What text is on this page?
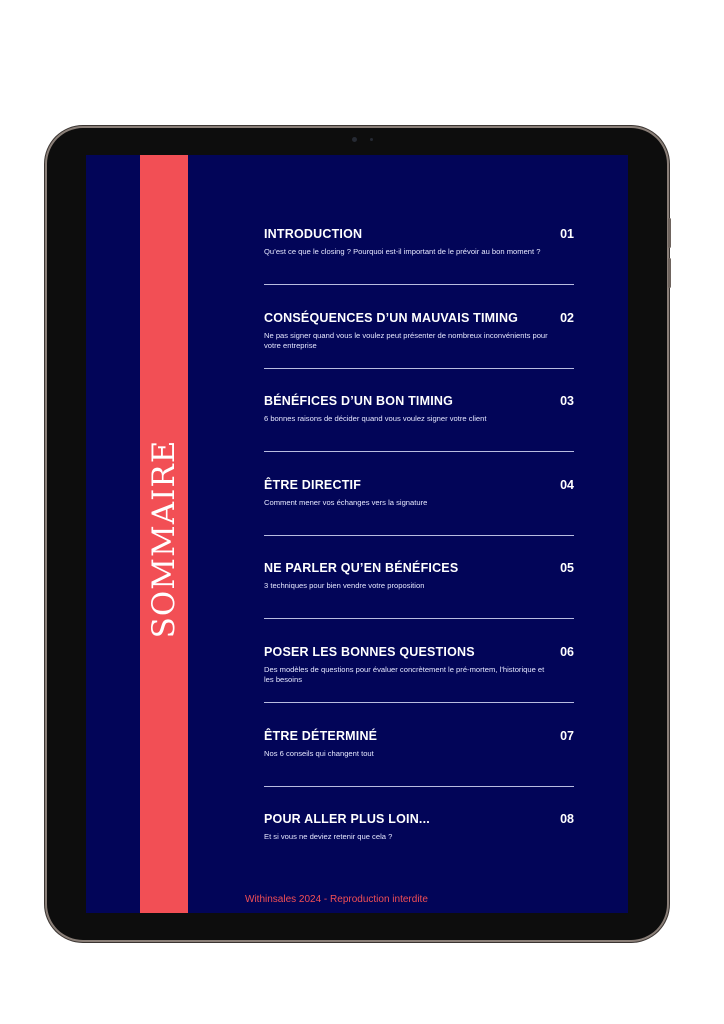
SOMMAIRE
INTRODUCTION	01
Qu’est ce que le closing ? Pourquoi est-il important de le prévoir au bon moment ?
CONSÉQUENCES D’UN MAUVAIS TIMING	02
Ne pas signer quand vous le voulez peut présenter de nombreux inconvénients pour votre entreprise
BÉNÉFICES D’UN BON TIMING	03
6 bonnes raisons de décider quand vous voulez signer votre client
ÊTRE DIRECTIF	04
Comment mener vos échanges vers la signature
NE PARLER QU’EN BÉNÉFICES	05
3 techniques pour bien vendre votre proposition
POSER LES BONNES QUESTIONS	06
Des modèles de questions pour évaluer concrètement le pré-mortem, l’historique et les besoins
ÊTRE DÉTERMINÉ	07
Nos 6 conseils qui changent tout
POUR ALLER PLUS LOIN...	08
Et si vous ne deviez retenir que cela ?
Withinsales 2024 - Reproduction interdite
